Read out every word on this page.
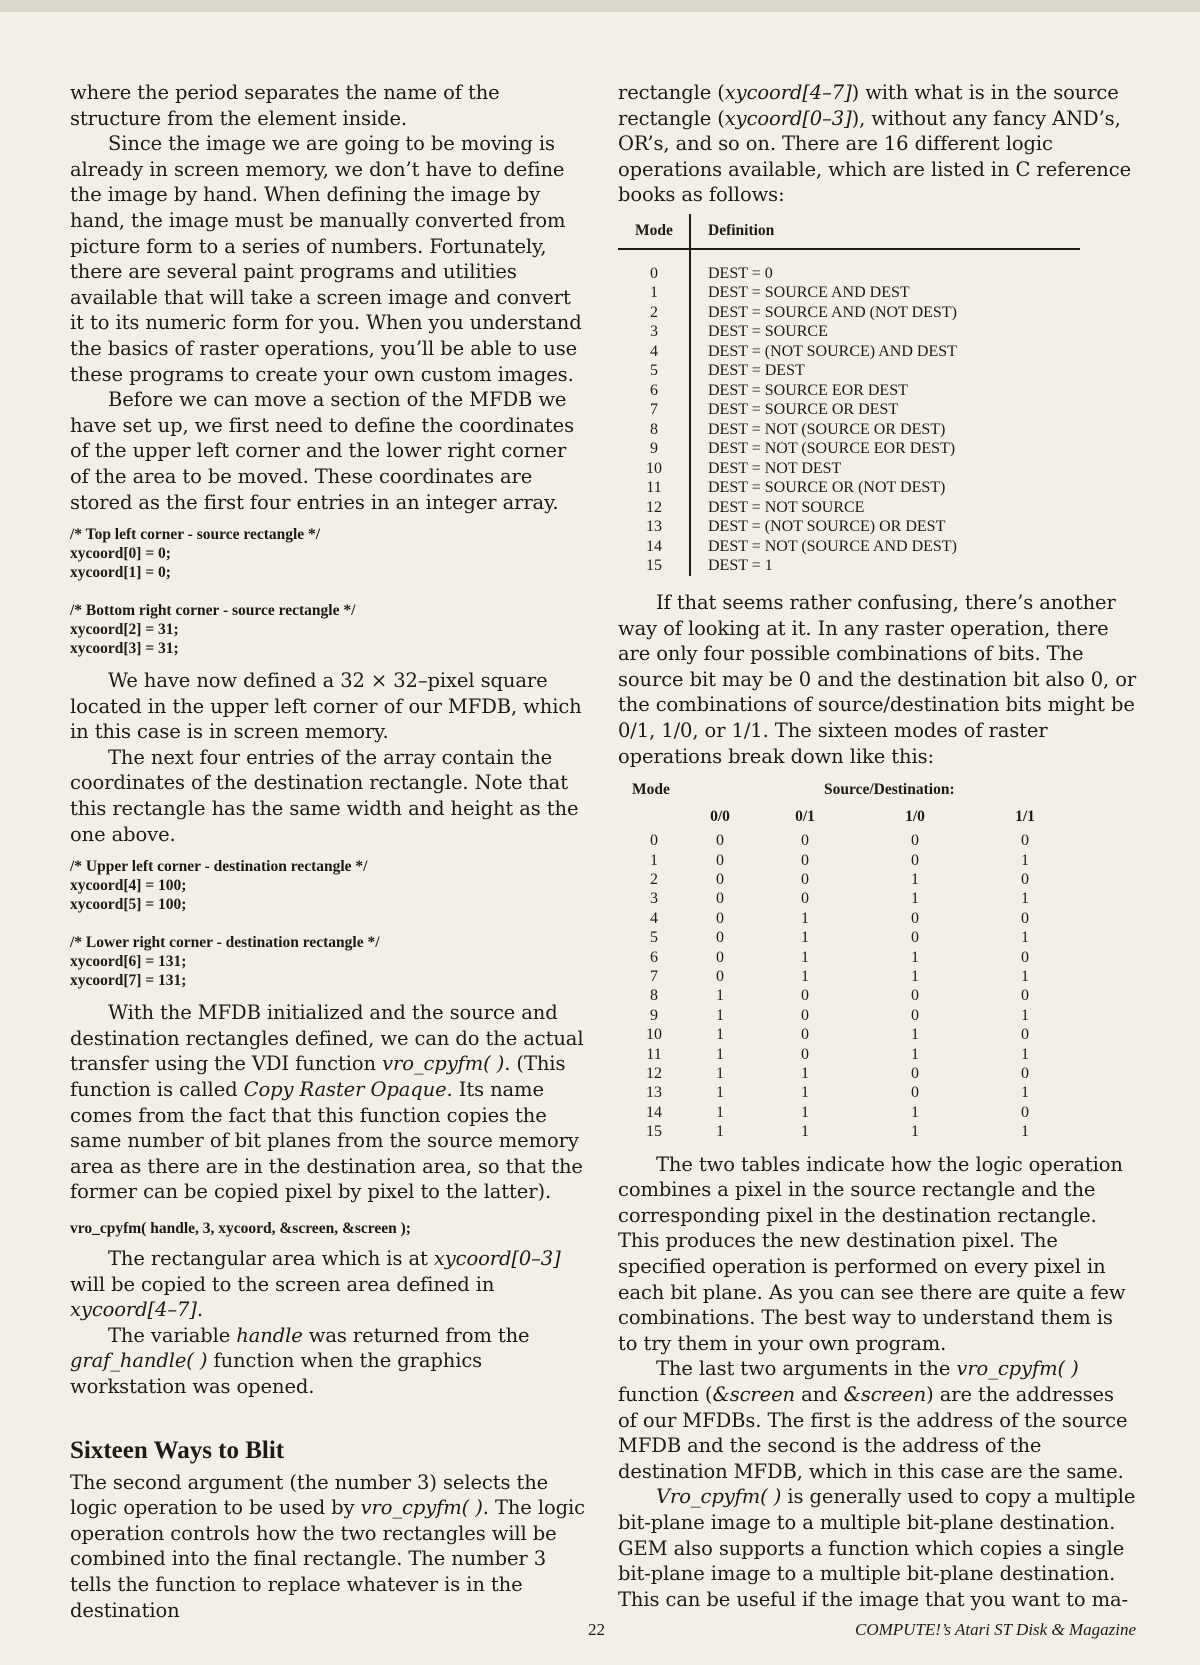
where the period separates the name of the structure from the element inside.

Since the image we are going to be moving is already in screen memory, we don’t have to define the image by hand. When defining the image by hand, the image must be manually converted from picture form to a series of numbers. Fortunately, there are several paint programs and utilities available that will take a screen image and convert it to its numeric form for you. When you understand the basics of raster operations, you’ll be able to use these programs to create your own custom images.

Before we can move a section of the MFDB we have set up, we first need to define the coordinates of the upper left corner and the lower right corner of the area to be moved. These coordinates are stored as the first four entries in an integer array.

/* Top left corner - source rectangle */
xycoord[0] = 0;
xycoord[1] = 0;
/* Bottom right corner - source rectangle */
xycoord[2] = 31;
xycoord[3] = 31;

We have now defined a 32 × 32–pixel square located in the upper left corner of our MFDB, which in this case is in screen memory.

The next four entries of the array contain the coordinates of the destination rectangle. Note that this rectangle has the same width and height as the one above.

/* Upper left corner - destination rectangle */
xycoord[4] = 100;
xycoord[5] = 100;
/* Lower right corner - destination rectangle */
xycoord[6] = 131;
xycoord[7] = 131;

With the MFDB initialized and the source and destination rectangles defined, we can do the actual transfer using the VDI function vro_cpyfm( ). (This function is called Copy Raster Opaque. Its name comes from the fact that this function copies the same number of bit planes from the source memory area as there are in the destination area, so that the former can be copied pixel by pixel to the latter).

vro_cpyfm( handle, 3, xycoord, &screen, &screen );

The rectangular area which is at xycoord[0–3] will be copied to the screen area defined in xycoord[4–7].

The variable handle was returned from the graf_handle( ) function when the graphics workstation was opened.

Sixteen Ways to Blit

The second argument (the number 3) selects the logic operation to be used by vro_cpyfm( ). The logic operation controls how the two rectangles will be combined into the final rectangle. The number 3 tells the function to replace whatever is in the destination

rectangle (xycoord[4–7]) with what is in the source rectangle (xycoord[0–3]), without any fancy AND’s, OR’s, and so on. There are 16 different logic operations available, which are listed in C reference books as follows:

Mode	Definition
0	DEST = 0
1	DEST = SOURCE AND DEST
2	DEST = SOURCE AND (NOT DEST)
3	DEST = SOURCE
4	DEST = (NOT SOURCE) AND DEST
5	DEST = DEST
6	DEST = SOURCE EOR DEST
7	DEST = SOURCE OR DEST
8	DEST = NOT (SOURCE OR DEST)
9	DEST = NOT (SOURCE EOR DEST)
10	DEST = NOT DEST
11	DEST = SOURCE OR (NOT DEST)
12	DEST = NOT SOURCE
13	DEST = (NOT SOURCE) OR DEST
14	DEST = NOT (SOURCE AND DEST)
15	DEST = 1

If that seems rather confusing, there’s another way of looking at it. In any raster operation, there are only four possible combinations of bits. The source bit may be 0 and the destination bit also 0, or the combinations of source/destination bits might be 0/1, 1/0, or 1/1. The sixteen modes of raster operations break down like this:

Mode	Source/Destination:
0/0	0/1	1/0	1/1
0	0	0	0	0
1	0	0	0	1
2	0	0	1	0
3	0	0	1	1
4	0	1	0	0
5	0	1	0	1
6	0	1	1	0
7	0	1	1	1
8	1	0	0	0
9	1	0	0	1
10	1	0	1	0
11	1	0	1	1
12	1	1	0	0
13	1	1	0	1
14	1	1	1	0
15	1	1	1	1

The two tables indicate how the logic operation combines a pixel in the source rectangle and the corresponding pixel in the destination rectangle. This produces the new destination pixel. The specified operation is performed on every pixel in each bit plane. As you can see there are quite a few combinations. The best way to understand them is to try them in your own program.

The last two arguments in the vro_cpyfm( ) function (&screen and &screen) are the addresses of our MFDBs. The first is the address of the source MFDB and the second is the address of the destination MFDB, which in this case are the same.

Vro_cpyfm( ) is generally used to copy a multiple bit-plane image to a multiple bit-plane destination. GEM also supports a function which copies a single bit-plane image to a multiple bit-plane destination. This can be useful if the image that you want to ma-

22	COMPUTE!’s Atari ST Disk & Magazine
